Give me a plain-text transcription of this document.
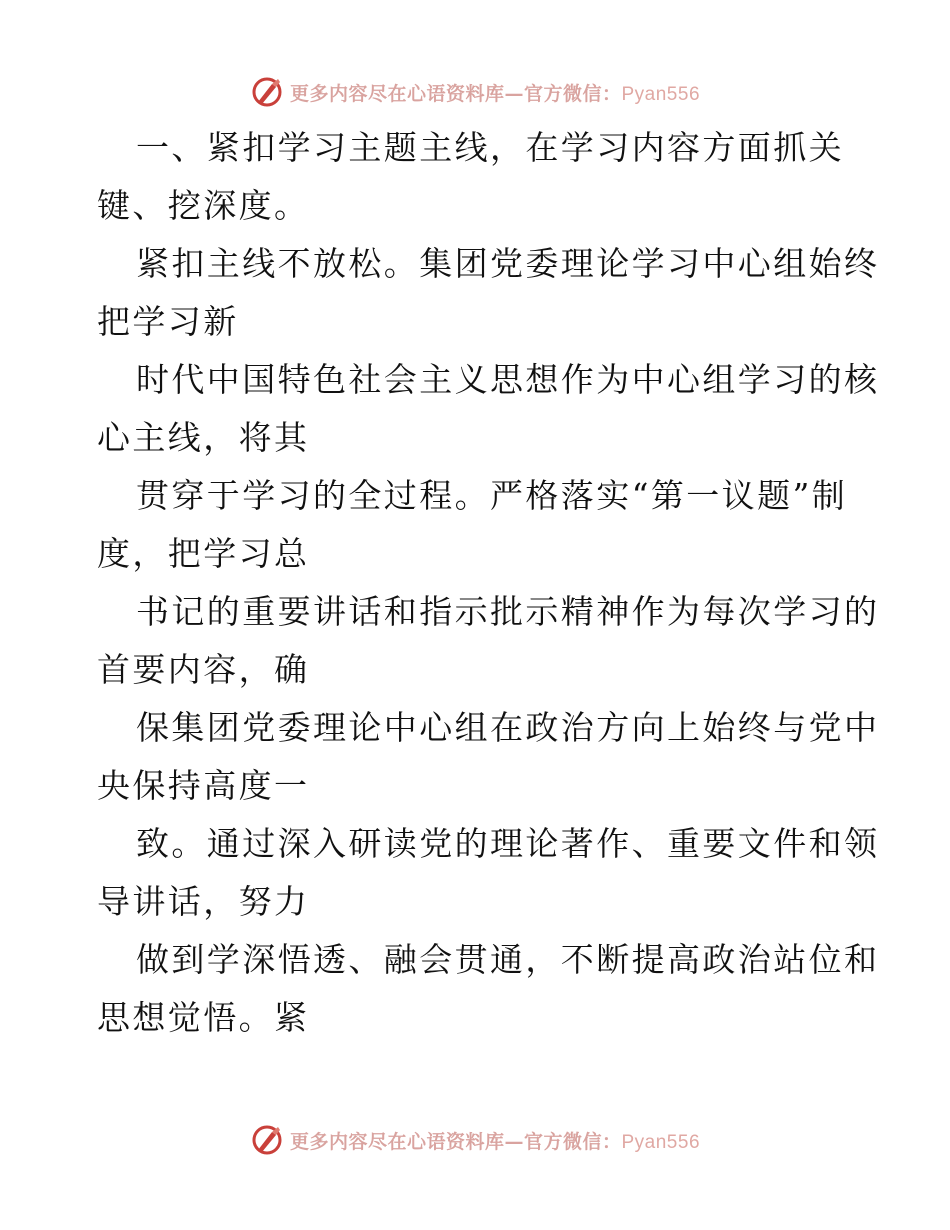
更多内容尽在心语资料库—官方微信：Pyan556
一、紧扣学习主题主线，在学习内容方面抓关
键、挖深度。
紧扣主线不放松。集团党委理论学习中心组始终
把学习新
时代中国特色社会主义思想作为中心组学习的核
心主线，将其
贯穿于学习的全过程。严格落实“第一议题”制
度，把学习总
书记的重要讲话和指示批示精神作为每次学习的
首要内容，确
保集团党委理论中心组在政治方向上始终与党中
央保持高度一
致。通过深入研读党的理论著作、重要文件和领
导讲话，努力
做到学深悟透、融会贯通，不断提高政治站位和
思想觉悟。紧
更多内容尽在心语资料库—官方微信：Pyan556
